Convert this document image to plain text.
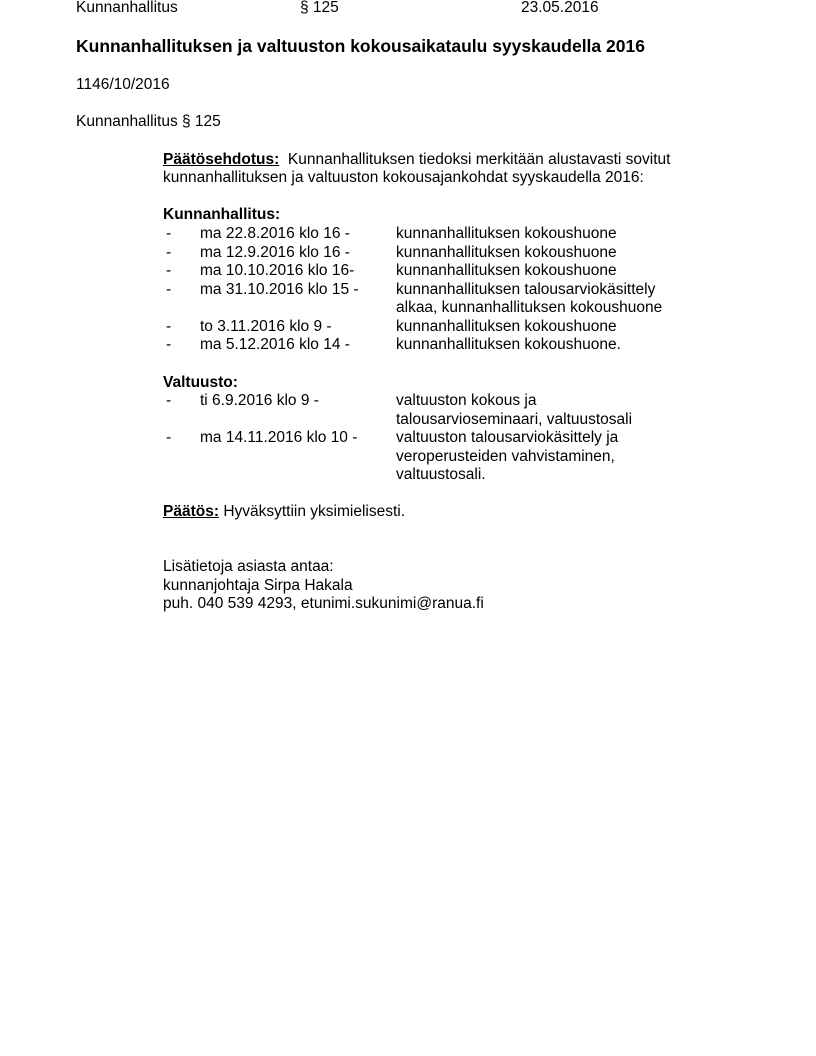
Kunnanhallitus	§ 125	23.05.2016
Kunnanhallituksen ja valtuuston kokousaikataulu syyskaudella 2016
1146/10/2016
Kunnanhallitus § 125
Päätösehdotus: Kunnanhallituksen tiedoksi merkitään alustavasti sovitut
kunnanhallituksen ja valtuuston kokousajankohdat syyskaudella 2016:
Kunnanhallitus:
- ma 22.8.2016 klo 16 -	kunnanhallituksen kokoushuone
- ma 12.9.2016 klo 16 -	kunnanhallituksen kokoushuone
- ma 10.10.2016 klo 16-	kunnanhallituksen kokoushuone
- ma 31.10.2016 klo 15 - kunnanhallituksen talousarviokäsittely
alkaa, kunnanhallituksen kokoushuone
- to 3.11.2016 klo 9 -	kunnanhallituksen kokoushuone
- ma 5.12.2016 klo 14 -	kunnanhallituksen kokoushuone.
Valtuusto:
- ti 6.9.2016 klo 9 -	valtuuston kokous ja
talousarvioseminaari, valtuustosali
- ma 14.11.2016 klo 10 - valtuuston talousarviokäsittely ja
veroperusteiden vahvistaminen,
valtuustosali.
Päätös: Hyväksyttiin yksimielisesti.
Lisätietoja asiasta antaa:
kunnanjohtaja Sirpa Hakala
puh. 040 539 4293, etunimi.sukunimi@ranua.fi
